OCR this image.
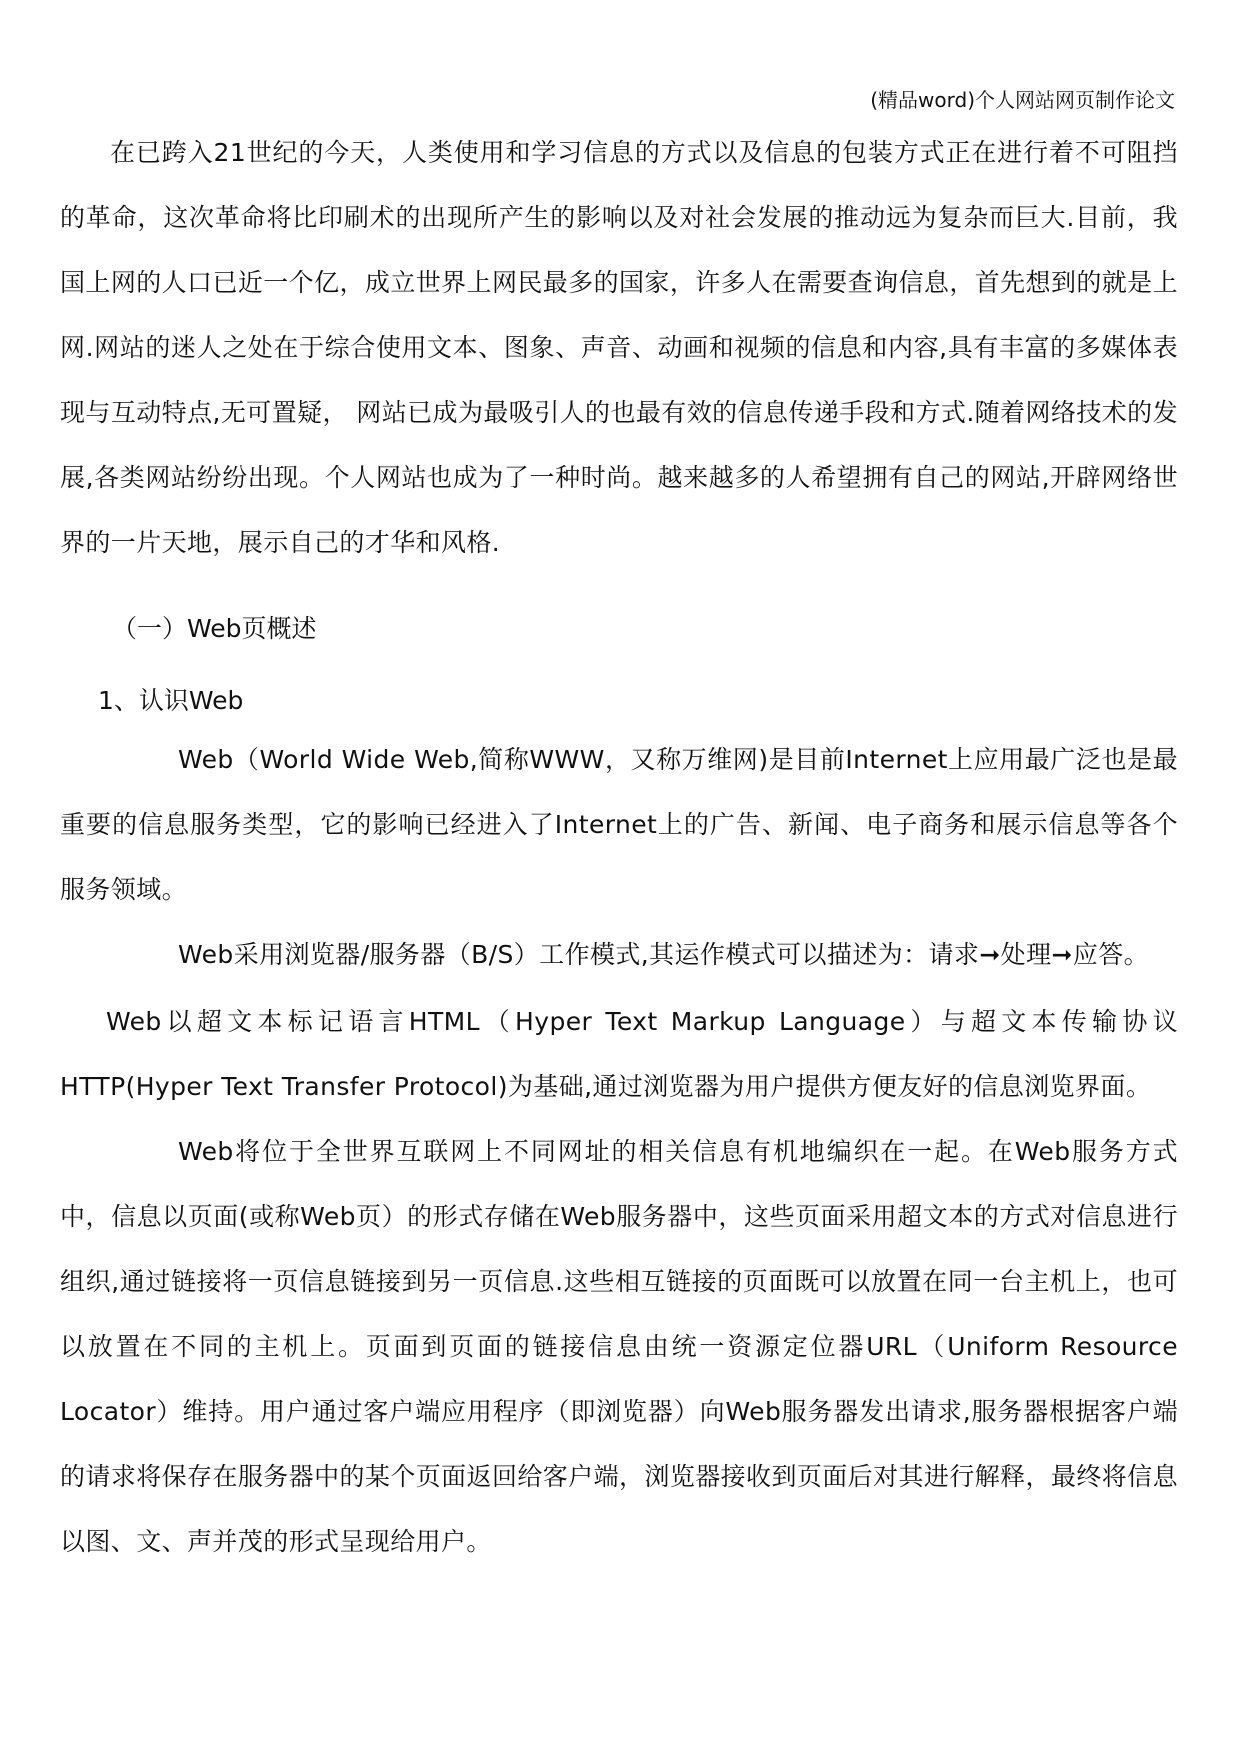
(精品word)个人网站网页制作论文

在已跨入21世纪的今天，人类使用和学习信息的方式以及信息的包装方式正在进行着不可阻挡的革命，这次革命将比印刷术的出现所产生的影响以及对社会发展的推动远为复杂而巨大.目前，我国上网的人口已近一个亿，成立世界上网民最多的国家，许多人在需要查询信息，首先想到的就是上网.网站的迷人之处在于综合使用文本、图象、声音、动画和视频的信息和内容,具有丰富的多媒体表现与互动特点,无可置疑， 网站已成为最吸引人的也最有效的信息传递手段和方式.随着网络技术的发展,各类网站纷纷出现。个人网站也成为了一种时尚。越来越多的人希望拥有自己的网站,开辟网络世界的一片天地，展示自己的才华和风格.

（一）Web页概述

1、认识Web

Web（World Wide Web,简称WWW，又称万维网)是目前Internet上应用最广泛也是最重要的信息服务类型，它的影响已经进入了Internet上的广告、新闻、电子商务和展示信息等各个服务领域。

Web采用浏览器/服务器（B/S）工作模式,其运作模式可以描述为：请求➞处理➞应答。

Web以超文本标记语言HTML（Hyper Text Markup Language）与超文本传输协议HTTP(Hyper Text Transfer Protocol)为基础,通过浏览器为用户提供方便友好的信息浏览界面。

Web将位于全世界互联网上不同网址的相关信息有机地编织在一起。在Web服务方式中，信息以页面(或称Web页）的形式存储在Web服务器中，这些页面采用超文本的方式对信息进行组织,通过链接将一页信息链接到另一页信息.这些相互链接的页面既可以放置在同一台主机上，也可以放置在不同的主机上。页面到页面的链接信息由统一资源定位器URL（Uniform Resource Locator）维持。用户通过客户端应用程序（即浏览器）向Web服务器发出请求,服务器根据客户端的请求将保存在服务器中的某个页面返回给客户端，浏览器接收到页面后对其进行解释，最终将信息以图、文、声并茂的形式呈现给用户。
